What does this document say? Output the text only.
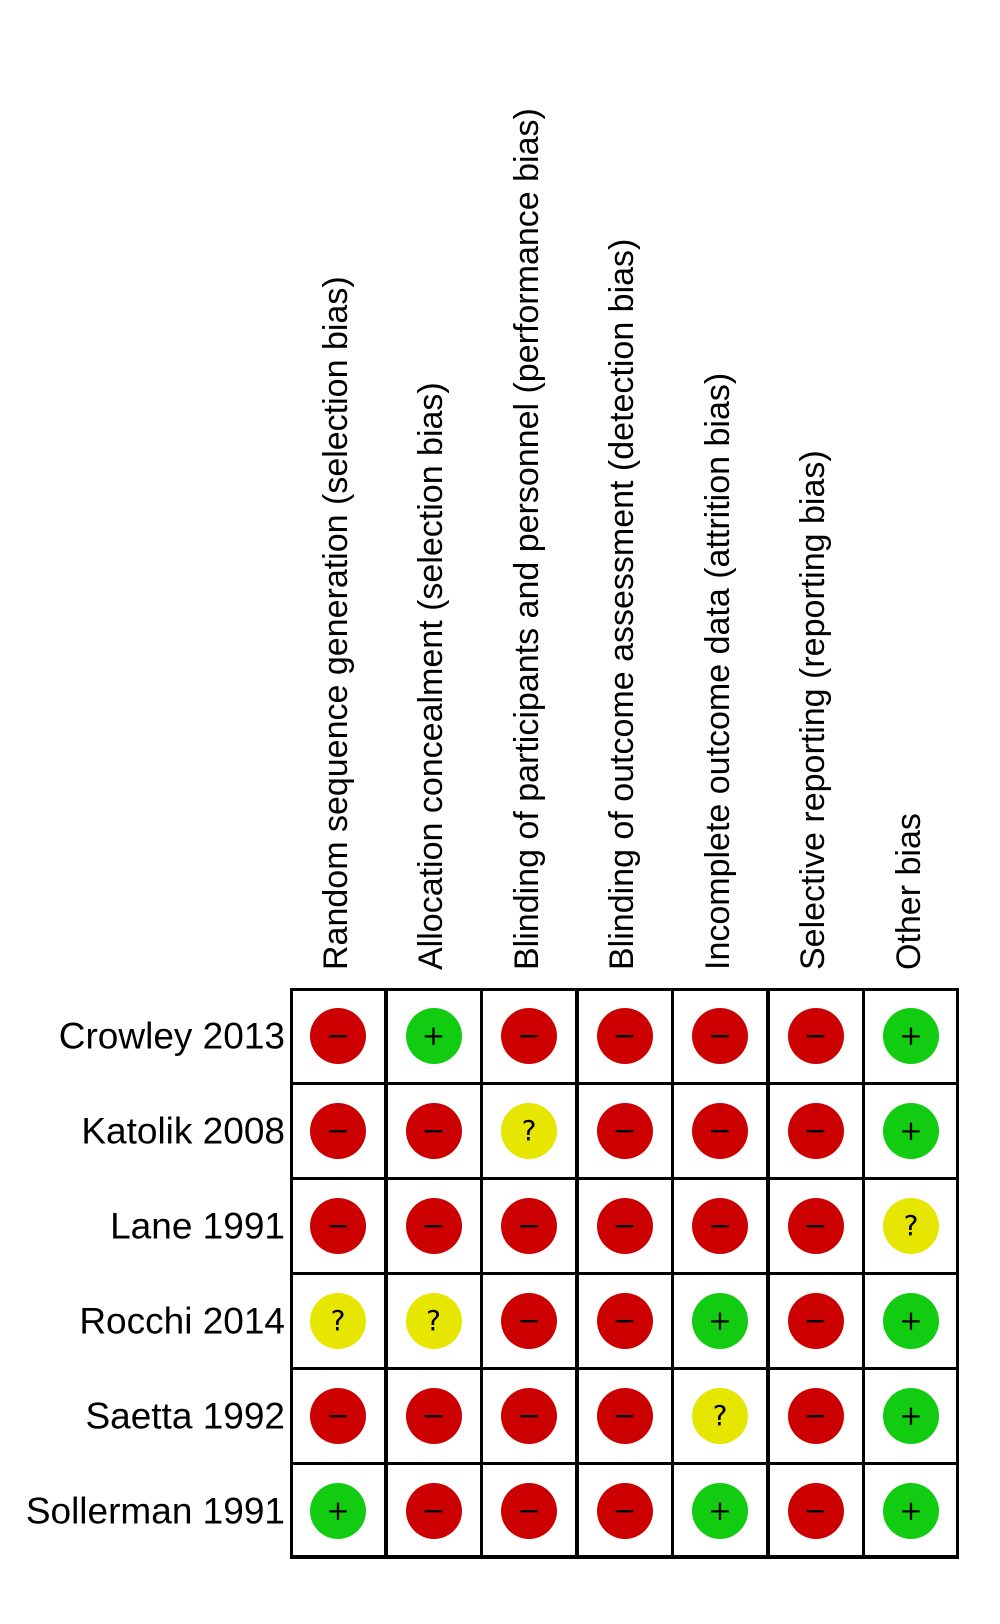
Random sequence generation (selection bias) Allocation concealment (selection bias) Blinding of participants and personnel (performance bias) Blinding of outcome assessment (detection bias) Incomplete outcome data (attrition bias) Selective reporting (reporting bias) Other bias
Crowley 2013	−	+	−	−	−	−	+
Katolik 2008	−	−	?	−	−	−	+
Lane 1991	−	−	−	−	−	−	?
Rocchi 2014	?	?	−	−	+	−	+
Saetta 1992	−	−	−	−	?	−	+
Sollerman 1991	+	−	−	−	+	−	+
